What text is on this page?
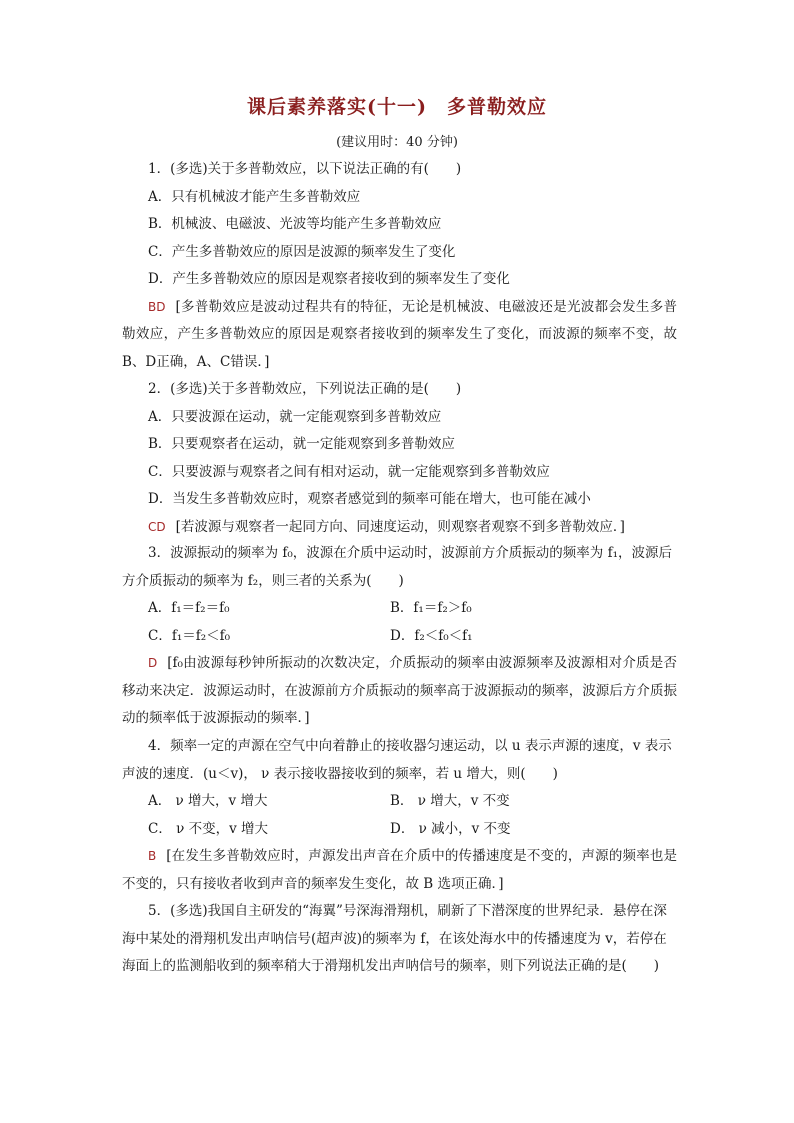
课后素养落实(十一)　多普勒效应
(建议用时：40 分钟)

1．(多选)关于多普勒效应，以下说法正确的有(　　)

A．只有机械波才能产生多普勒效应

B．机械波、电磁波、光波等均能产生多普勒效应

C．产生多普勒效应的原因是波源的频率发生了变化

D．产生多普勒效应的原因是观察者接收到的频率发生了变化

BD [多普勒效应是波动过程共有的特征，无论是机械波、电磁波还是光波都会发生多普勒效应，产生多普勒效应的原因是观察者接收到的频率发生了变化，而波源的频率不变，故B、D正确，A、C错误．]

2．(多选)关于多普勒效应，下列说法正确的是(　　)

A．只要波源在运动，就一定能观察到多普勒效应

B．只要观察者在运动，就一定能观察到多普勒效应

C．只要波源与观察者之间有相对运动，就一定能观察到多普勒效应

D．当发生多普勒效应时，观察者感觉到的频率可能在增大，也可能在减小

CD [若波源与观察者一起同方向、同速度运动，则观察者观察不到多普勒效应．]

3．波源振动的频率为 f₀，波源在介质中运动时，波源前方介质振动的频率为 f₁，波源后方介质振动的频率为 f₂，则三者的关系为(　　)

A．f₁＝f₂＝f₀	B．f₁＝f₂＞f₀
C．f₁＝f₂＜f₀	D．f₂＜f₀＜f₁

D [f₀由波源每秒钟所振动的次数决定，介质振动的频率由波源频率及波源相对介质是否移动来决定．波源运动时，在波源前方介质振动的频率高于波源振动的频率，波源后方介质振动的频率低于波源振动的频率．]

4．频率一定的声源在空气中向着静止的接收器匀速运动，以 u 表示声源的速度，v 表示声波的速度．(u＜v)， ν 表示接收器接收到的频率，若 u 增大，则(　　)

A． ν 增大，v 增大	B． ν 增大，v 不变
C． ν 不变，v 增大	D． ν 减小，v 不变

B [在发生多普勒效应时，声源发出声音在介质中的传播速度是不变的，声源的频率也是不变的，只有接收者收到声音的频率发生变化，故 B 选项正确．]

5．(多选)我国自主研发的“海翼”号深海滑翔机，刷新了下潜深度的世界纪录．悬停在深海中某处的滑翔机发出声呐信号(超声波)的频率为 f，在该处海水中的传播速度为 v，若停在海面上的监测船收到的频率稍大于滑翔机发出声呐信号的频率，则下列说法正确的是(　　)
